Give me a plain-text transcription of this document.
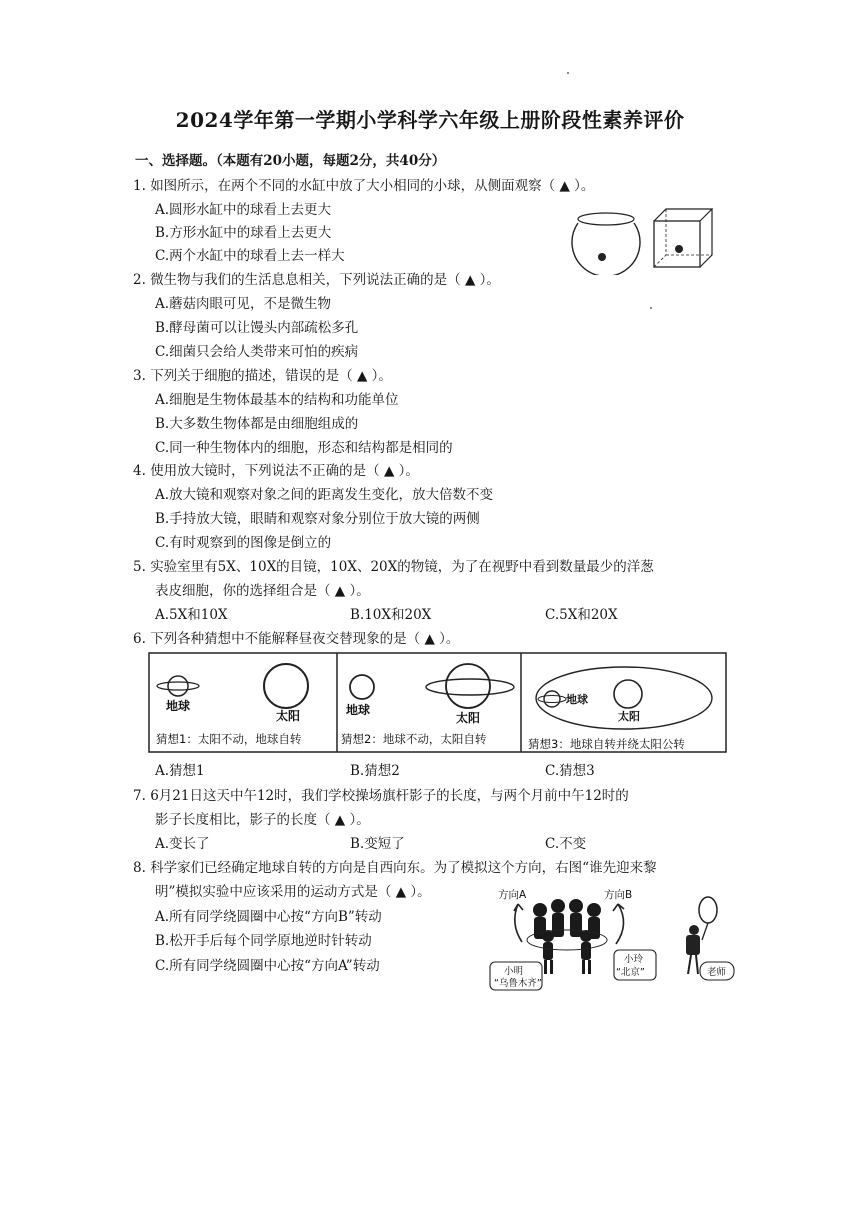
2024学年第一学期小学科学六年级上册阶段性素养评价
一、选择题。（本题有20小题，每题2分，共40分）
1. 如图所示，在两个不同的水缸中放了大小相同的小球，从侧面观察（ ▲ ）。
A.圆形水缸中的球看上去更大
B.方形水缸中的球看上去更大
C.两个水缸中的球看上去一样大
2. 微生物与我们的生活息息相关，下列说法正确的是（ ▲ ）。
A.蘑菇肉眼可见，不是微生物
B.酵母菌可以让馒头内部疏松多孔
C.细菌只会给人类带来可怕的疾病
3. 下列关于细胞的描述，错误的是（ ▲ ）。
A.细胞是生物体最基本的结构和功能单位
B.大多数生物体都是由细胞组成的
C.同一种生物体内的细胞，形态和结构都是相同的
4. 使用放大镜时，下列说法不正确的是（ ▲ ）。
A.放大镜和观察对象之间的距离发生变化，放大倍数不变
B.手持放大镜，眼睛和观察对象分别位于放大镜的两侧
C.有时观察到的图像是倒立的
5. 实验室里有5X、10X的目镜，10X、20X的物镜，为了在视野中看到数量最少的洋葱
表皮细胞，你的选择组合是（ ▲ ）。
A.5X和10X	B.10X和20X	C.5X和20X
6. 下列各种猜想中不能解释昼夜交替现象的是（ ▲ ）。
地球
太阳
猜想1：太阳不动，地球自转
地球
太阳
猜想2：地球不动，太阳自转
地球
太阳
猜想3：地球自转并绕太阳公转
A.猜想1	B.猜想2	C.猜想3
7. 6月21日这天中午12时，我们学校操场旗杆影子的长度，与两个月前中午12时的
影子长度相比，影子的长度（ ▲ ）。
A.变长了	B.变短了	C.不变
8. 科学家们已经确定地球自转的方向是自西向东。为了模拟这个方向，右图“谁先迎来黎
明”模拟实验中应该采用的运动方式是（ ▲ ）。
A.所有同学绕圆圈中心按“方向B”转动
B.松开手后每个同学原地逆时针转动
C.所有同学绕圆圈中心按“方向A”转动
方向A	方向B
小明
“乌鲁木齐”
小玲
“北京”	老师
